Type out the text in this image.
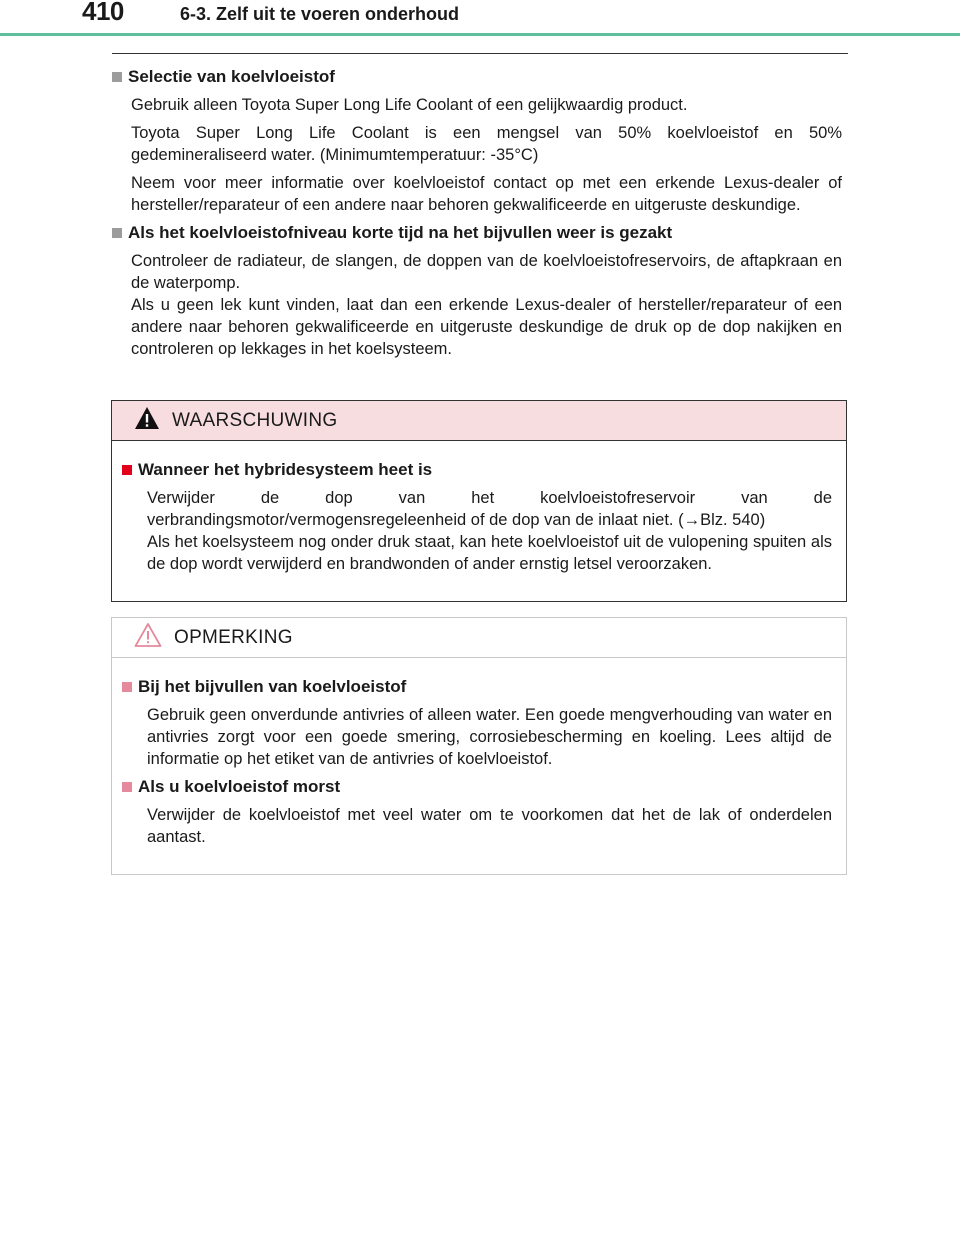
410	6-3. Zelf uit te voeren onderhoud
Selectie van koelvloeistof

Gebruik alleen Toyota Super Long Life Coolant of een gelijkwaardig product.

Toyota Super Long Life Coolant is een mengsel van 50% koelvloeistof en 50% gedemineraliseerd water. (Minimumtemperatuur: -35°C)

Neem voor meer informatie over koelvloeistof contact op met een erkende Lexus-dealer of hersteller/reparateur of een andere naar behoren gekwalificeerde en uitgeruste deskundige.

Als het koelvloeistofniveau korte tijd na het bijvullen weer is gezakt

Controleer de radiateur, de slangen, de doppen van de koelvloeistofreservoirs, de aftapkraan en de waterpomp.

Als u geen lek kunt vinden, laat dan een erkende Lexus-dealer of hersteller/reparateur of een andere naar behoren gekwalificeerde en uitgeruste deskundige de druk op de dop nakijken en controleren op lekkages in het koelsysteem.

WAARSCHUWING
Wanneer het hybridesysteem heet is

Verwijder de dop van het koelvloeistofreservoir van de verbrandingsmotor/vermogensregeleenheid of de dop van de inlaat niet. (→Blz. 540)

Als het koelsysteem nog onder druk staat, kan hete koelvloeistof uit de vulopening spuiten als de dop wordt verwijderd en brandwonden of ander ernstig letsel veroorzaken.

OPMERKING
Bij het bijvullen van koelvloeistof

Gebruik geen onverdunde antivries of alleen water. Een goede mengverhouding van water en antivries zorgt voor een goede smering, corrosiebescherming en koeling. Lees altijd de informatie op het etiket van de antivries of koelvloeistof.

Als u koelvloeistof morst

Verwijder de koelvloeistof met veel water om te voorkomen dat het de lak of onderdelen aantast.
